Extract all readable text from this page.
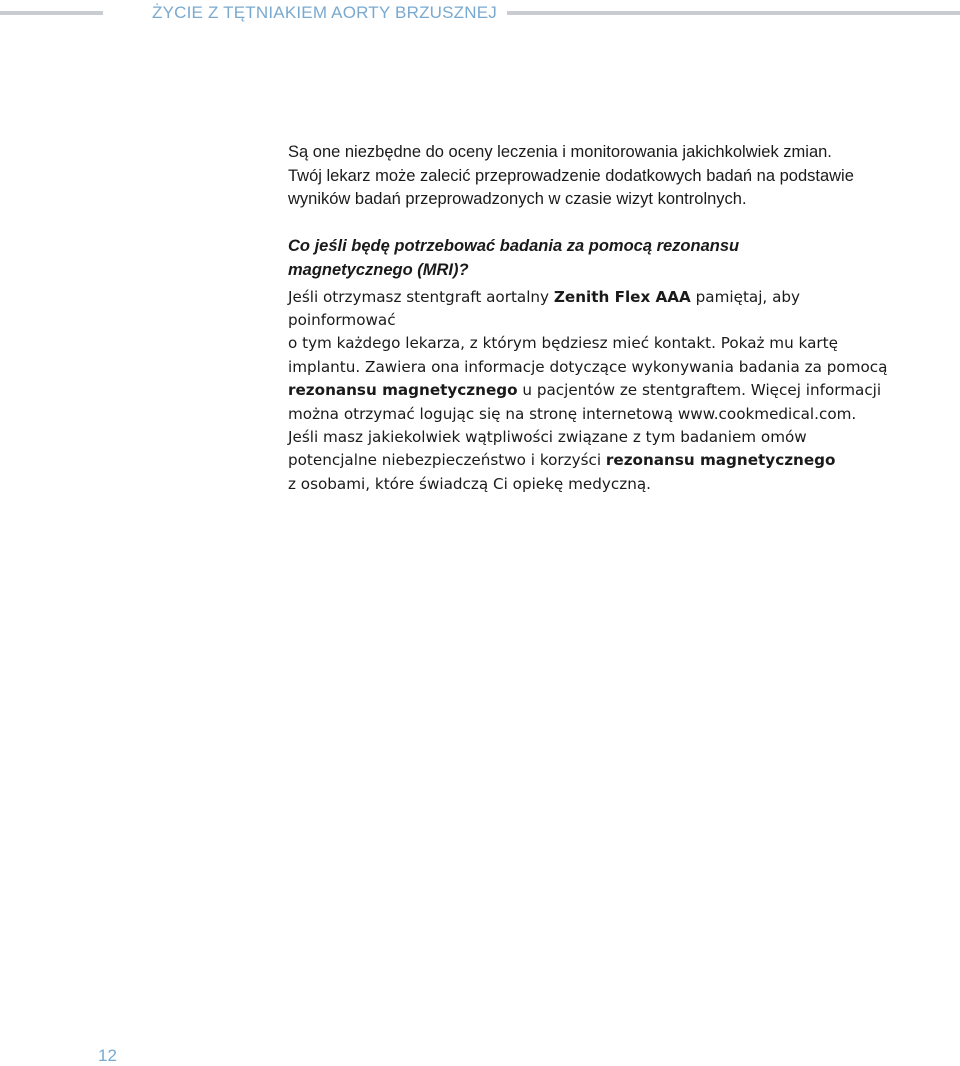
ŻYCIE Z TĘTNIAKIEM AORTY BRZUSZNEJ

Są one niezbędne do oceny leczenia i monitorowania jakichkolwiek zmian.
Twój lekarz może zalecić przeprowadzenie dodatkowych badań na podstawie
wyników badań przeprowadzonych w czasie wizyt kontrolnych.

Co jeśli będę potrzebować badania za pomocą rezonansu
magnetycznego (MRI)?

Jeśli otrzymasz stentgraft aortalny Zenith Flex AAA pamiętaj, aby poinformować
o tym każdego lekarza, z którym będziesz mieć kontakt. Pokaż mu kartę
implantu. Zawiera ona informacje dotyczące wykonywania badania za pomocą
rezonansu magnetycznego u pacjentów ze stentgraftem. Więcej informacji
można otrzymać logując się na stronę internetową www.cookmedical.com.
Jeśli masz jakiekolwiek wątpliwości związane z tym badaniem omów
potencjalne niebezpieczeństwo i korzyści rezonansu magnetycznego
z osobami, które świadczą Ci opiekę medyczną.

12
